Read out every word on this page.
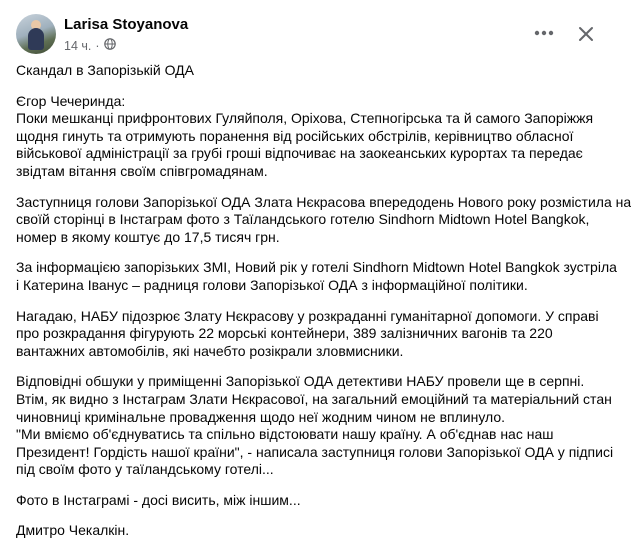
Larisa Stoyanova
14 ч. ·
Скандал в Запорізькій ОДА
Єгор Чечеринда:
Поки мешканці прифронтових Гуляйполя, Оріхова, Степногірська та й самого Запоріжжя
щодня гинуть та отримують поранення від російських обстрілів, керівництво обласної
військової адміністрації за грубі гроші відпочиває на заокеанських курортах та передає
звідтам вітання своїм співгромадянам.
Заступниця голови Запорізької ОДА Злата Нєкрасова впередодень Нового року розмістила на
своїй сторінці в Інстаграм фото з Таїландського готелю Sindhorn Midtown Hotel Bangkok,
номер в якому коштує до 17,5 тисяч грн.
За інформацією запорізьких ЗМІ, Новий рік у готелі Sindhorn Midtown Hotel Bangkok зустріла
і Катерина Іванус – радниця голови Запорізької ОДА з інформаційної політики.
Нагадаю, НАБУ підозрює Злату Нєкрасову у розкраданні гуманітарної допомоги. У справі
про розкрадання фігурують 22 морські контейнери, 389 залізничних вагонів та 220
вантажних автомобілів, які начебто розікрали зловмисники.
Відповідні обшуки у приміщенні Запорізької ОДА детективи НАБУ провели ще в серпні.
Втім, як видно з Інстаграм Злати Нєкрасової, на загальний емоційний та матеріальний стан
чиновниці кримінальне провадження щодо неї жодним чином не вплинуло.
"Ми вміємо об'єднуватись та спільно відстоювати нашу країну. А об'єднав нас наш
Президент! Гордість нашої країни", - написала заступниця голови Запорізької ОДА у підписі
під своїм фото у таїландському готелі...
Фото в Інстаграмі - досі висить, між іншим...
Дмитро Чекалкін.
